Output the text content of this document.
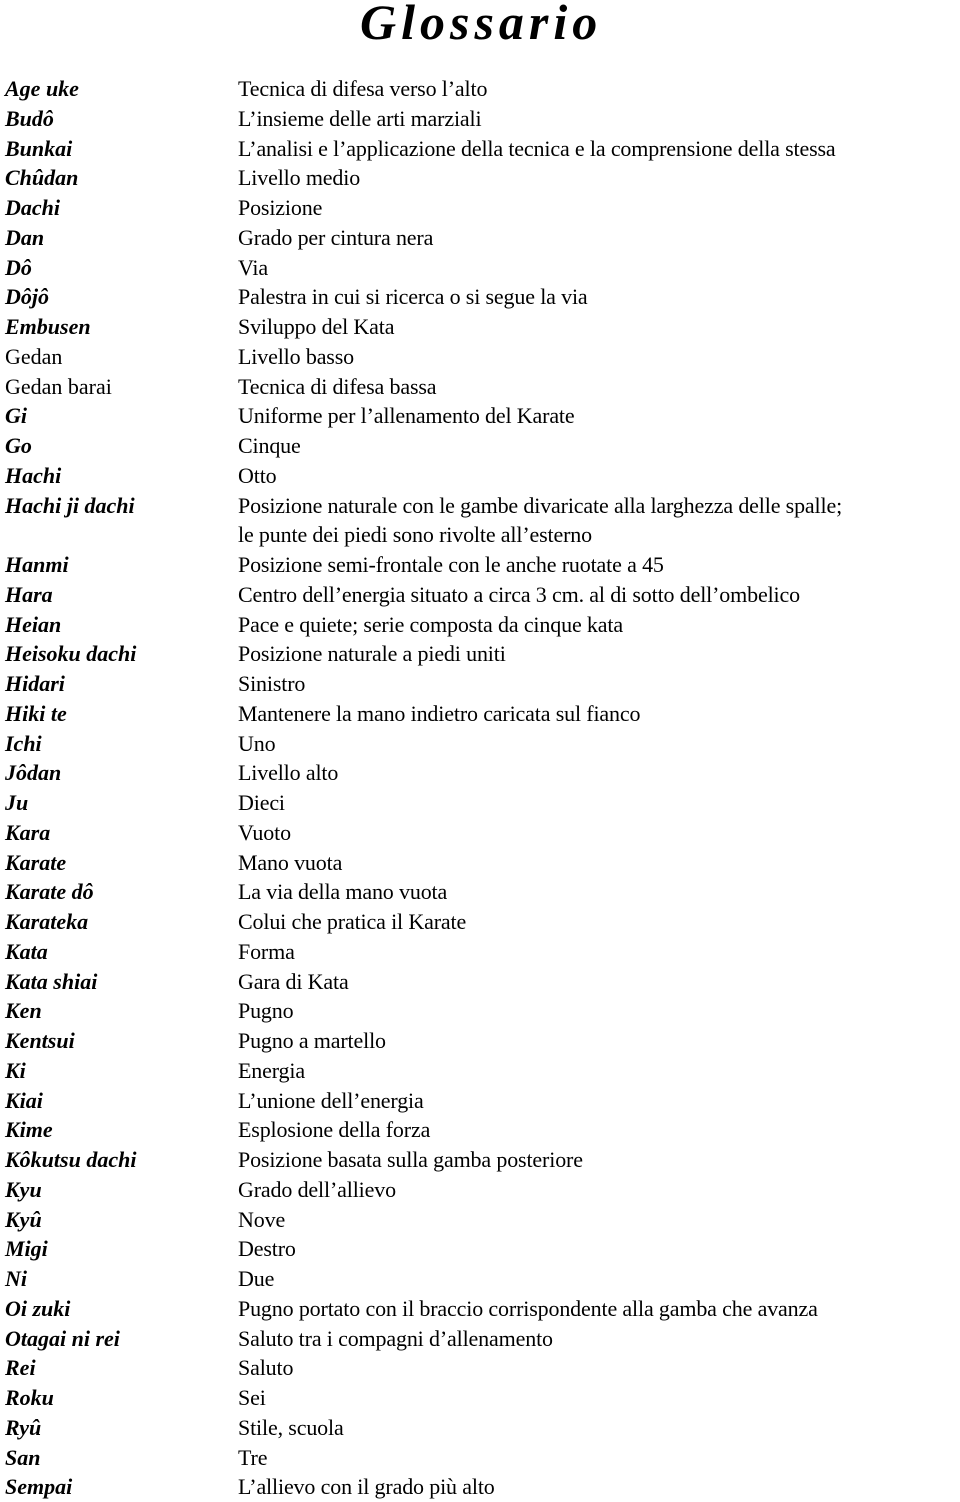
Glossario
Age uke	Tecnica di difesa verso l’alto
Budô	L’insieme delle arti marziali
Bunkai	L’analisi e l’applicazione della tecnica e la comprensione della stessa
Chûdan	Livello medio
Dachi	Posizione
Dan	Grado per cintura nera
Dô	Via
Dôjô	Palestra in cui si ricerca o si segue la via
Embusen	Sviluppo del Kata
Gedan	Livello basso
Gedan barai	Tecnica di difesa bassa
Gi	Uniforme per l’allenamento del Karate
Go	Cinque
Hachi	Otto
Hachi ji dachi	Posizione naturale con le gambe divaricate alla larghezza delle spalle;
le punte dei piedi sono rivolte all’esterno
Hanmi	Posizione semi-frontale con le anche ruotate a 45
Hara	Centro dell’energia situato a circa 3 cm. al di sotto dell’ombelico
Heian	Pace e quiete; serie composta da cinque kata
Heisoku dachi	Posizione naturale a piedi uniti
Hidari	Sinistro
Hiki te	Mantenere la mano indietro caricata sul fianco
Ichi	Uno
Jôdan	Livello alto
Ju	Dieci
Kara	Vuoto
Karate	Mano vuota
Karate dô	La via della mano vuota
Karateka	Colui che pratica il Karate
Kata	Forma
Kata shiai	Gara di Kata
Ken	Pugno
Kentsui	Pugno a martello
Ki	Energia
Kiai	L’unione dell’energia
Kime	Esplosione della forza
Kôkutsu dachi	Posizione basata sulla gamba posteriore
Kyu	Grado dell’allievo
Kyû	Nove
Migi	Destro
Ni	Due
Oi zuki	Pugno portato con il braccio corrispondente alla gamba che avanza
Otagai ni rei	Saluto tra i compagni d’allenamento
Rei	Saluto
Roku	Sei
Ryû	Stile, scuola
San	Tre
Sempai	L’allievo con il grado più alto
